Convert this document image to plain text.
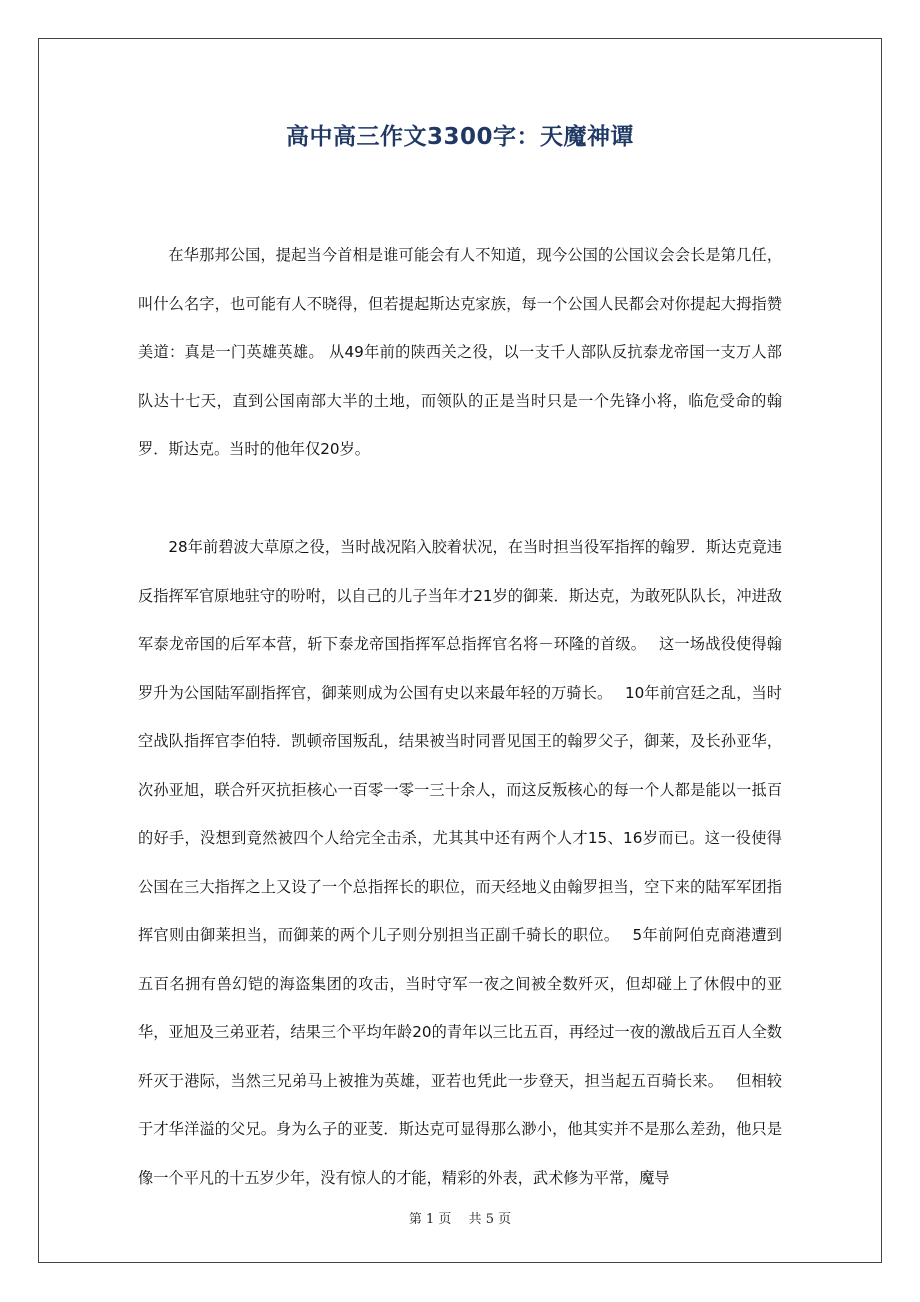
高中高三作文3300字：天魔神谭

在华那邦公国，提起当今首相是谁可能会有人不知道，现今公国的公国议会会长是第几任，叫什么名字，也可能有人不晓得，但若提起斯达克家族，每一个公国人民都会对你提起大拇指赞美道：真是一门英雄英雄。 从49年前的陕西关之役，以一支千人部队反抗泰龙帝国一支万人部队达十七天，直到公国南部大半的土地，而领队的正是当时只是一个先锋小将，临危受命的翰罗．斯达克。当时的他年仅20岁。

28年前碧波大草原之役，当时战况陷入胶着状况，在当时担当役军指挥的翰罗．斯达克竟违反指挥军官原地驻守的吩咐，以自己的儿子当年才21岁的御莱．斯达克，为敢死队队长，冲进敌军泰龙帝国的后军本营，斩下泰龙帝国指挥军总指挥官名将－环隆的首级。　 这一场战役使得翰罗升为公国陆军副指挥官，御莱则成为公国有史以来最年轻的万骑长。　 10年前宫廷之乱，当时空战队指挥官李伯特．凯顿帝国叛乱，结果被当时同晋见国王的翰罗父子，御莱，及长孙亚华，次孙亚旭，联合歼灭抗拒核心一百零一零一三十余人，而这反叛核心的每一个人都是能以一抵百的好手，没想到竟然被四个人给完全击杀，尤其其中还有两个人才15、16岁而已。这一役使得公国在三大指挥之上又设了一个总指挥长的职位，而天经地义由翰罗担当，空下来的陆军军团指挥官则由御莱担当，而御莱的两个儿子则分别担当正副千骑长的职位。　 5年前阿伯克商港遭到五百名拥有兽幻铠的海盗集团的攻击，当时守军一夜之间被全数歼灭，但却碰上了休假中的亚华，亚旭及三弟亚若，结果三个平均年龄20的青年以三比五百，再经过一夜的激战后五百人全数歼灭于港际，当然三兄弟马上被推为英雄，亚若也凭此一步登天，担当起五百骑长来。　 但相较于才华洋溢的父兄。身为么子的亚芰．斯达克可显得那么渺小，他其实并不是那么差劲，他只是像一个平凡的十五岁少年，没有惊人的才能，精彩的外表，武术修为平常，魔导

第 1 页　 共 5 页
